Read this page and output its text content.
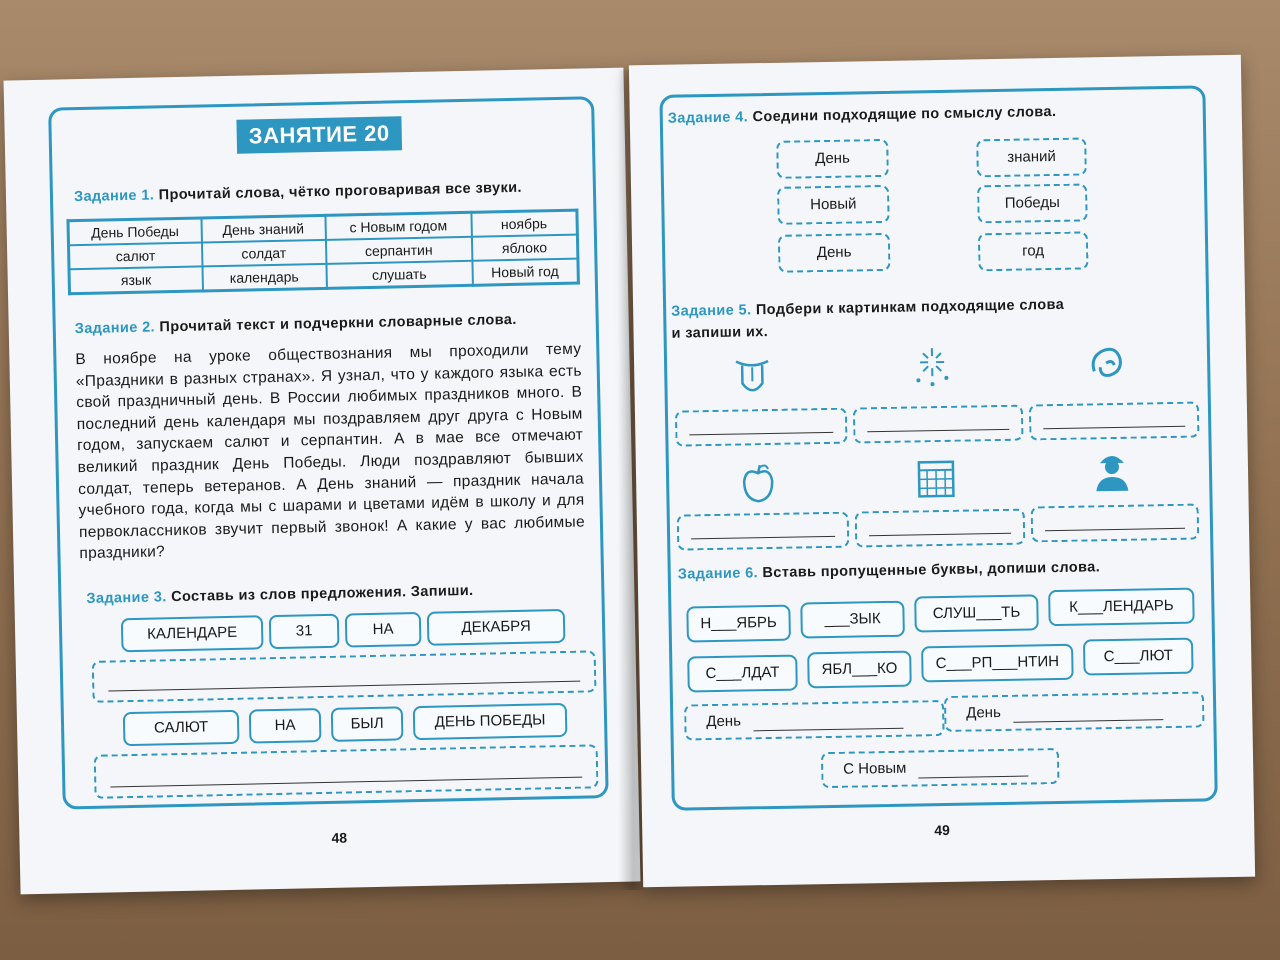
ЗАНЯТИЕ 20
Задание 1. Прочитай слова, чётко проговаривая все звуки.
День Победы	День знаний	с Новым годом	ноябрь
салют	солдат	серпантин	яблоко
язык	календарь	слушать	Новый год
Задание 2. Прочитай текст и подчеркни словарные слова.
В ноябре на уроке обществознания мы проходили тему «Праздники в разных странах». Я узнал, что у каждого языка есть свой праздничный день. В России любимых праздников много. В последний день календаря мы поздравляем друг друга с Новым годом, запускаем салют и серпантин. А в мае все отмечают великий праздник День Победы. Люди поздравляют бывших солдат, теперь ветеранов. А День знаний — праздник начала учебного года, когда мы с шарами и цветами идём в школу и для первоклассников звучит первый звонок! А какие у вас любимые праздники?
Задание 3. Составь из слов предложения. Запиши.
КАЛЕНДАРЕ	31	НА	ДЕКАБРЯ
САЛЮТ	НА	БЫЛ	ДЕНЬ ПОБЕДЫ
48
Задание 4. Соедини подходящие по смыслу слова.
День
Новый
День
знаний
Победы
год
Задание 5. Подбери к картинкам подходящие слова
и запиши их.
Задание 6. Вставь пропущенные буквы, допиши слова.
Н___ЯБРЬ	___ЗЫК	СЛУШ___ТЬ	К___ЛЕНДАРЬ
С___ЛДАТ	ЯБЛ___КО	С___РП___НТИН	С___ЛЮТ
День	День
С Новым
49
